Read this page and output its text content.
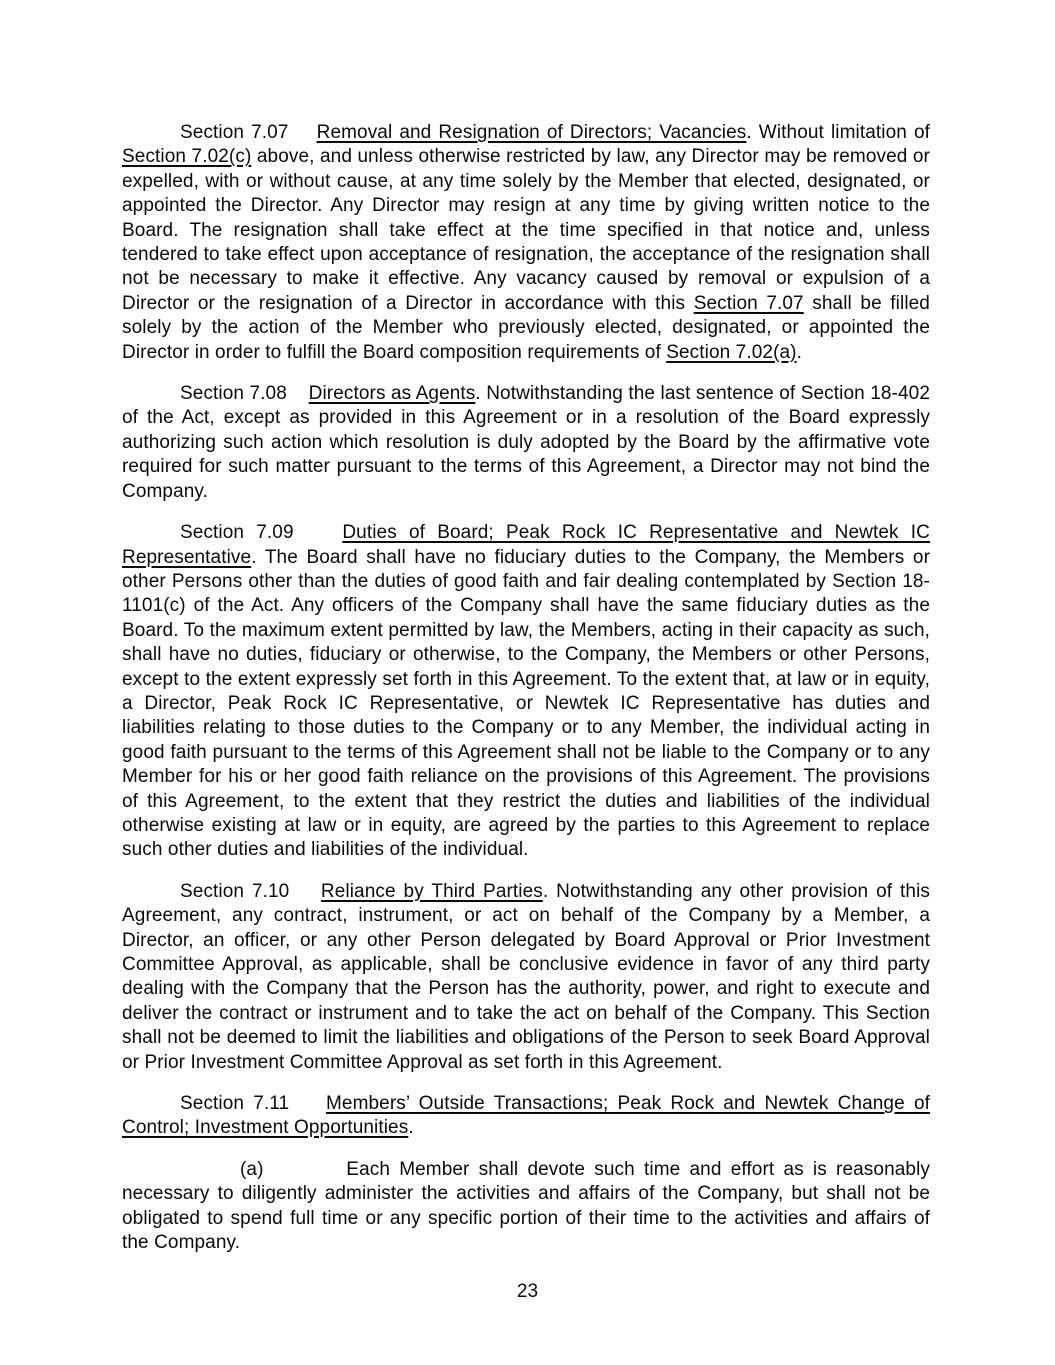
Section 7.07    Removal and Resignation of Directors; Vacancies. Without limitation of Section 7.02(c) above, and unless otherwise restricted by law, any Director may be removed or expelled, with or without cause, at any time solely by the Member that elected, designated, or appointed the Director. Any Director may resign at any time by giving written notice to the Board. The resignation shall take effect at the time specified in that notice and, unless tendered to take effect upon acceptance of resignation, the acceptance of the resignation shall not be necessary to make it effective. Any vacancy caused by removal or expulsion of a Director or the resignation of a Director in accordance with this Section 7.07 shall be filled solely by the action of the Member who previously elected, designated, or appointed the Director in order to fulfill the Board composition requirements of Section 7.02(a).

Section 7.08    Directors as Agents. Notwithstanding the last sentence of Section 18-402 of the Act, except as provided in this Agreement or in a resolution of the Board expressly authorizing such action which resolution is duly adopted by the Board by the affirmative vote required for such matter pursuant to the terms of this Agreement, a Director may not bind the Company.

Section 7.09    Duties of Board; Peak Rock IC Representative and Newtek IC Representative. The Board shall have no fiduciary duties to the Company, the Members or other Persons other than the duties of good faith and fair dealing contemplated by Section 18-1101(c) of the Act. Any officers of the Company shall have the same fiduciary duties as the Board. To the maximum extent permitted by law, the Members, acting in their capacity as such, shall have no duties, fiduciary or otherwise, to the Company, the Members or other Persons, except to the extent expressly set forth in this Agreement. To the extent that, at law or in equity, a Director, Peak Rock IC Representative, or Newtek IC Representative has duties and liabilities relating to those duties to the Company or to any Member, the individual acting in good faith pursuant to the terms of this Agreement shall not be liable to the Company or to any Member for his or her good faith reliance on the provisions of this Agreement. The provisions of this Agreement, to the extent that they restrict the duties and liabilities of the individual otherwise existing at law or in equity, are agreed by the parties to this Agreement to replace such other duties and liabilities of the individual.

Section 7.10    Reliance by Third Parties. Notwithstanding any other provision of this Agreement, any contract, instrument, or act on behalf of the Company by a Member, a Director, an officer, or any other Person delegated by Board Approval or Prior Investment Committee Approval, as applicable, shall be conclusive evidence in favor of any third party dealing with the Company that the Person has the authority, power, and right to execute and deliver the contract or instrument and to take the act on behalf of the Company. This Section shall not be deemed to limit the liabilities and obligations of the Person to seek Board Approval or Prior Investment Committee Approval as set forth in this Agreement.

Section 7.11    Members’ Outside Transactions; Peak Rock and Newtek Change of Control; Investment Opportunities.

(a)         Each Member shall devote such time and effort as is reasonably necessary to diligently administer the activities and affairs of the Company, but shall not be obligated to spend full time or any specific portion of their time to the activities and affairs of the Company.

23
